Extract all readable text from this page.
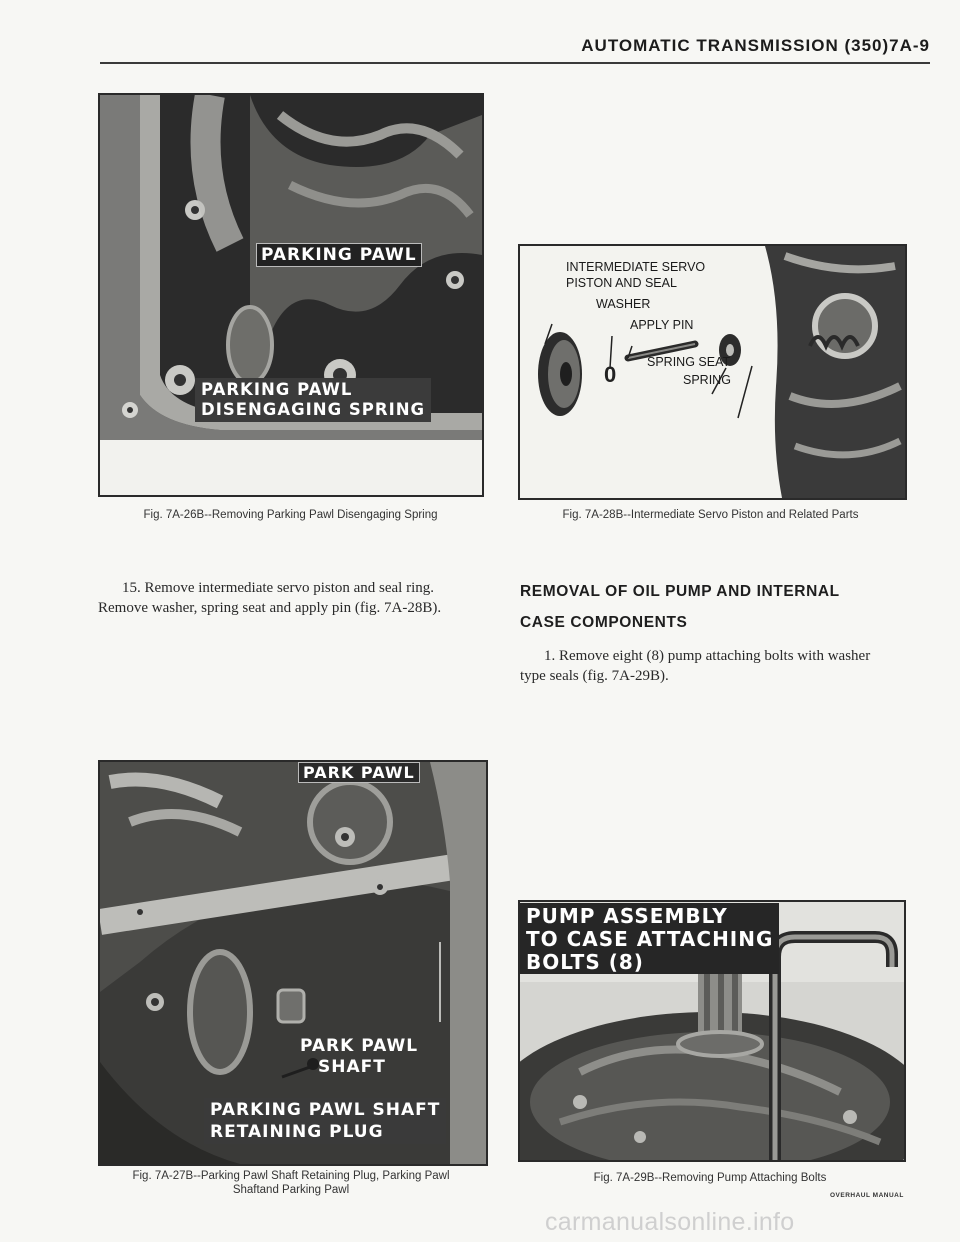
AUTOMATIC TRANSMISSION (350)7A-9
PARKING PAWL
PARKING PAWL
DISENGAGING SPRING
Fig. 7A-26B--Removing Parking Pawl Disengaging Spring
0
INTERMEDIATE SERVO
PISTON AND SEAL
WASHER
APPLY PIN
SPRING SEAT
SPRING
Fig. 7A-28B--Intermediate Servo Piston and Related Parts
15. Remove intermediate servo piston and seal ring.
Remove washer, spring seat and apply pin (fig. 7A-28B).
REMOVAL OF OIL PUMP AND INTERNAL
CASE COMPONENTS
1. Remove eight (8) pump attaching bolts with washer
type seals (fig. 7A-29B).
PARK PAWL
PARK PAWL
SHAFT
PARKING PAWL SHAFT
RETAINING PLUG
Fig. 7A-27B--Parking Pawl Shaft Retaining Plug, Parking Pawl
Shaftand Parking Pawl
PUMP ASSEMBLY
TO CASE ATTACHING
BOLTS (8)
Fig. 7A-29B--Removing Pump Attaching Bolts
OVERHAUL MANUAL
carmanualsonline.info
